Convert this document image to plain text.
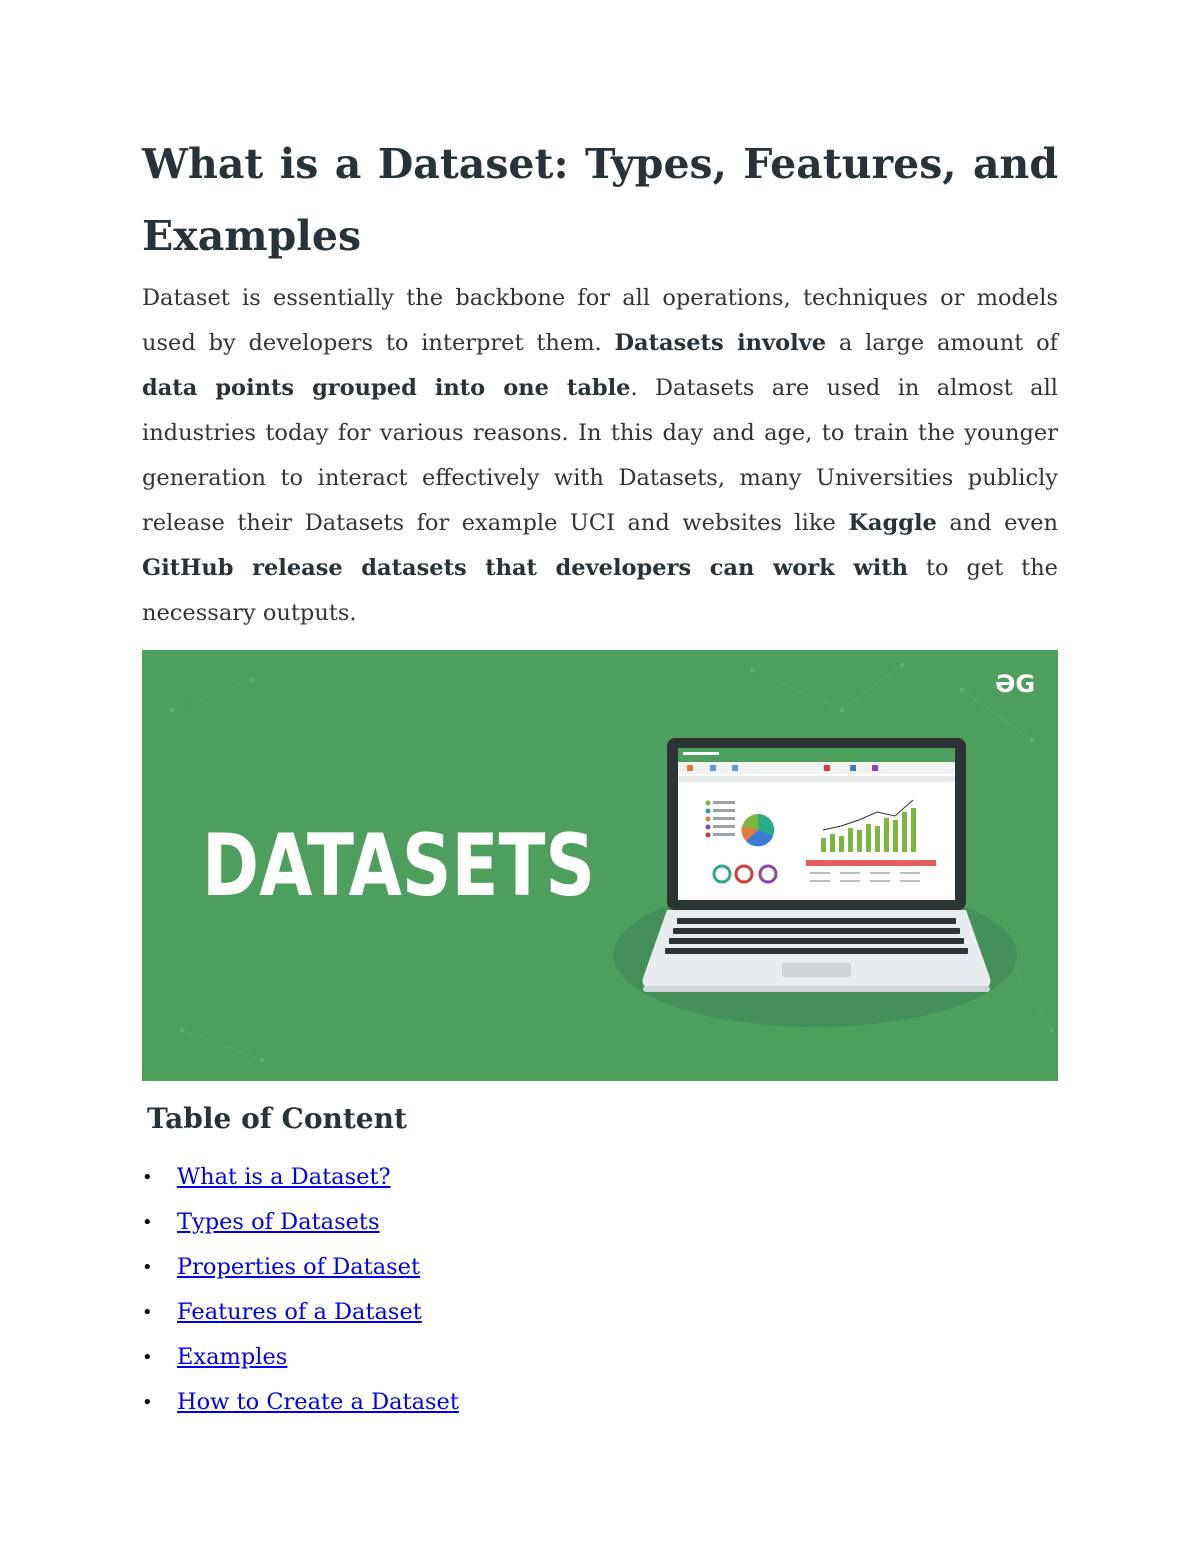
What is a Dataset: Types, Features, and Examples

Dataset is essentially the backbone for all operations, techniques or models used by developers to interpret them. Datasets involve a large amount of data points grouped into one table. Datasets are used in almost all industries today for various reasons. In this day and age, to train the younger generation to interact effectively with Datasets, many Universities publicly release their Datasets for example UCI and websites like Kaggle and even GitHub release datasets that developers can work with to get the necessary outputs.

ƏG
DATASETS
Table of Content
• What is a Dataset?
• Types of Datasets
• Properties of Dataset
• Features of a Dataset
• Examples
• How to Create a Dataset
